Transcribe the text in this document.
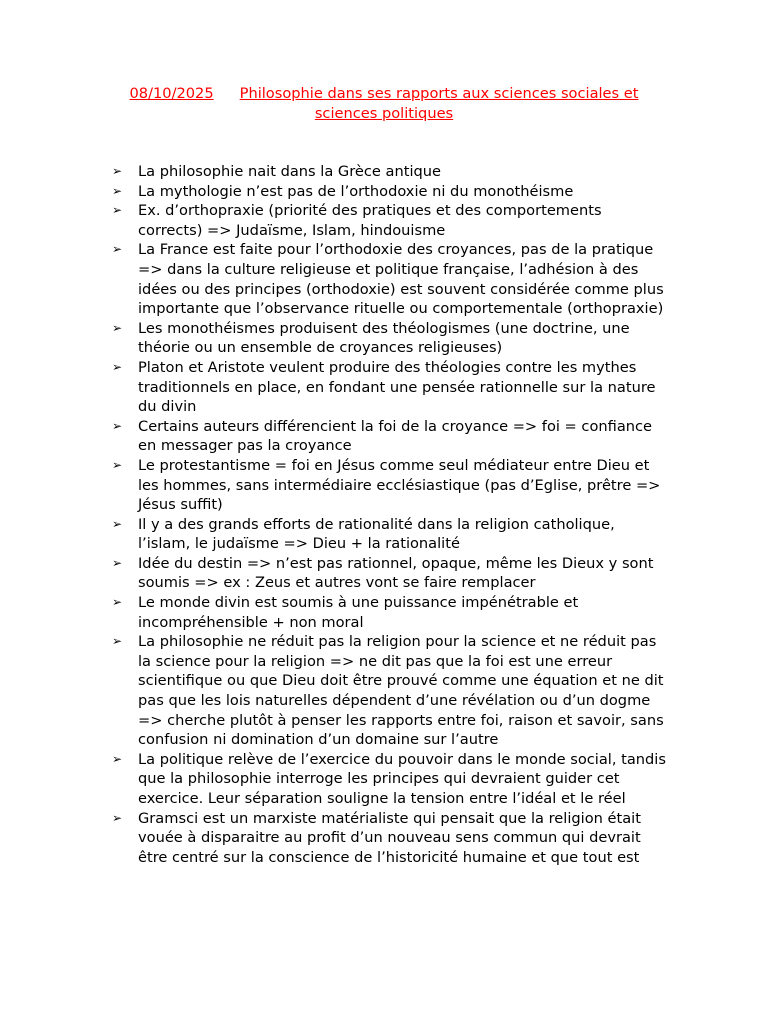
08/10/2025 Philosophie dans ses rapports aux sciences sociales et
sciences politiques
➢ La philosophie nait dans la Grèce antique
➢ La mythologie n’est pas de l’orthodoxie ni du monothéisme
➢ Ex. d’orthopraxie (priorité des pratiques et des comportements corrects) => Judaïsme, Islam, hindouisme
➢ La France est faite pour l’orthodoxie des croyances, pas de la pratique => dans la culture religieuse et politique française, l’adhésion à des idées ou des principes (orthodoxie) est souvent considérée comme plus importante que l’observance rituelle ou comportementale (orthopraxie)
➢ Les monothéismes produisent des théologismes (une doctrine, une théorie ou un ensemble de croyances religieuses)
➢ Platon et Aristote veulent produire des théologies contre les mythes traditionnels en place, en fondant une pensée rationnelle sur la nature du divin
➢ Certains auteurs différencient la foi de la croyance => foi = confiance en messager pas la croyance
➢ Le protestantisme = foi en Jésus comme seul médiateur entre Dieu et les hommes, sans intermédiaire ecclésiastique (pas d’Eglise, prêtre => Jésus suffit)
➢ Il y a des grands efforts de rationalité dans la religion catholique, l’islam, le judaïsme => Dieu + la rationalité
➢ Idée du destin => n’est pas rationnel, opaque, même les Dieux y sont soumis => ex : Zeus et autres vont se faire remplacer
➢ Le monde divin est soumis à une puissance impénétrable et incompréhensible + non moral
➢ La philosophie ne réduit pas la religion pour la science et ne réduit pas la science pour la religion => ne dit pas que la foi est une erreur scientifique ou que Dieu doit être prouvé comme une équation et ne dit pas que les lois naturelles dépendent d’une révélation ou d’un dogme => cherche plutôt à penser les rapports entre foi, raison et savoir, sans confusion ni domination d’un domaine sur l’autre
➢ La politique relève de l’exercice du pouvoir dans le monde social, tandis que la philosophie interroge les principes qui devraient guider cet exercice. Leur séparation souligne la tension entre l’idéal et le réel
➢ Gramsci est un marxiste matérialiste qui pensait que la religion était vouée à disparaitre au profit d’un nouveau sens commun qui devrait être centré sur la conscience de l’historicité humaine et que tout est
